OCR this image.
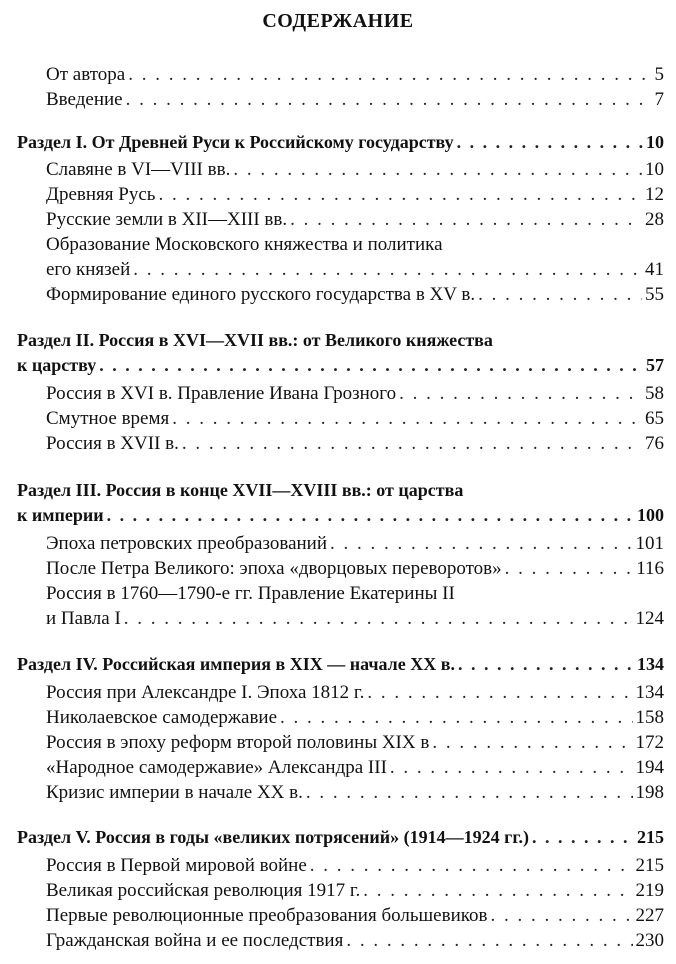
СОДЕРЖАНИЕ
От автора . . .	5
Введение . . .	7
Раздел I. От Древней Руси к Российскому государству . . .	10
Славяне в VI—VIII вв. . . .	10
Древняя Русь . . .	12
Русские земли в XII—XIII вв. . . .	28
Образование Московского княжества и политика
его князей . . .	41
Формирование единого русского государства в XV в. . . .	55
Раздел II. Россия в XVI—XVII вв.: от Великого княжества
к царству . . .	57
Россия в XVI в. Правление Ивана Грозного . . .	58
Смутное время . . .	65
Россия в XVII в. . . .	76
Раздел III. Россия в конце XVII—XVIII вв.: от царства
к империи . . .	100
Эпоха петровских преобразований . . .	101
После Петра Великого: эпоха «дворцовых переворотов» . . .	116
Россия в 1760—1790-е гг. Правление Екатерины II
и Павла I . . .	124
Раздел IV. Российская империя в XIX — начале XX в. . . .	134
Россия при Александре I. Эпоха 1812 г. . . .	134
Николаевское самодержавие . . .	158
Россия в эпоху реформ второй половины XIX в . . .	172
«Народное самодержавие» Александра III . . .	194
Кризис империи в начале XX в. . . .	198
Раздел V. Россия в годы «великих потрясений» (1914—1924 гг.) . . .	215
Россия в Первой мировой войне . . .	215
Великая российская революция 1917 г. . . .	219
Первые революционные преобразования большевиков . . .	227
Гражданская война и ее последствия . . .	230
